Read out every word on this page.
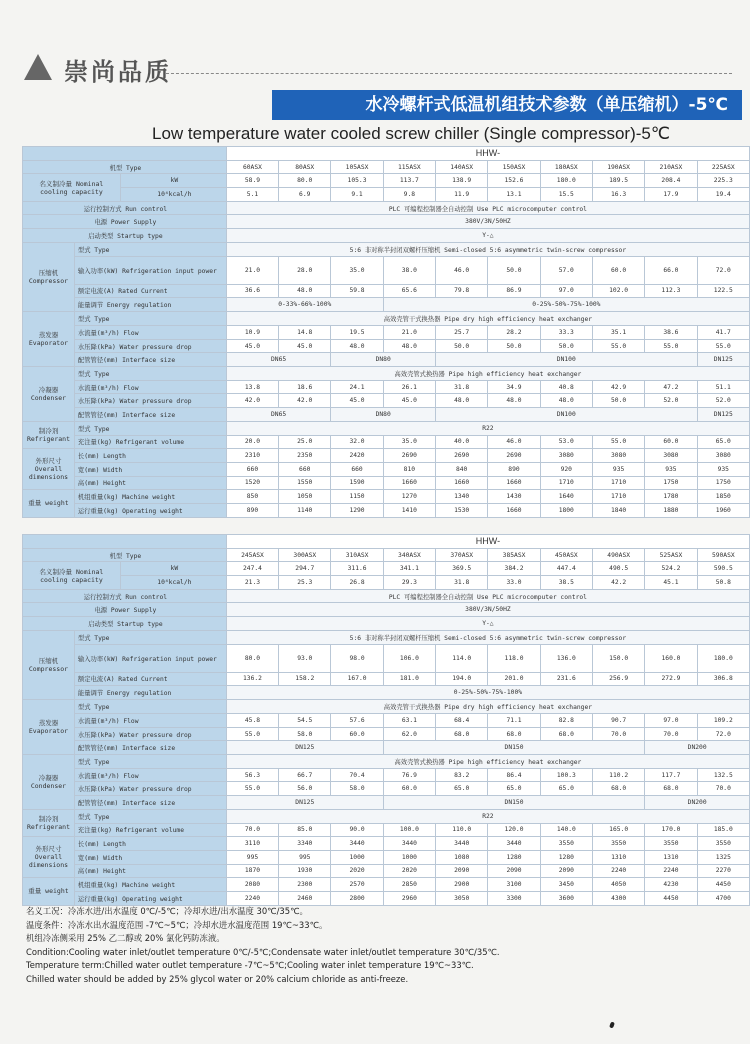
崇尚品质
水冷螺杆式低温机组技术参数（单压缩机）-5℃
Low temperature water cooled screw chiller (Single compressor)-5℃
			HHW-									
机型 Type			60ASX	80ASX	105ASX	115ASX	140ASX	150ASX	180ASX	190ASX	210ASX	225ASX
名义制冷量 Nominal cooling capacity		kW	58.9	80.0	105.3	113.7	138.9	152.6	180.0	189.5	208.4	225.3
		10⁴kcal/h	5.1	6.9	9.1	9.8	11.9	13.1	15.5	16.3	17.9	19.4
运行控制方式 Run control			PLC 可编程控制器全自动控制 Use PLC microcomputer control									
电源 Power Supply			380V/3N/50HZ									
启动类型 Startup type			Y-△									
压缩机 Compressor	型式 Type		5:6 非对称半封闭双螺杆压缩机 Semi-closed 5:6 asymmetric twin-screw compressor									
	输入功率(kW) Refrigeration input power		21.0	28.0	35.0	38.0	46.0	50.0	57.0	60.0	66.0	72.0
	额定电流(A) Rated Current		36.6	48.0	59.8	65.6	79.8	86.9	97.0	102.0	112.3	122.5
	能量调节 Energy regulation		0-33%-66%-100%			0-25%-50%-75%-100%						
蒸发器 Evaporator	型式 Type		高效壳管干式换热器 Pipe dry high efficiency heat exchanger									
	水流量(m³/h) Flow		10.9	14.8	19.5	21.0	25.7	28.2	33.3	35.1	38.6	41.7
	水压降(kPa) Water pressure drop		45.0	45.0	48.0	48.0	50.0	50.0	50.0	55.0	55.0	55.0
	配管管径(mm) Interface size		DN65		DN80		DN100					DN125
冷凝器 Condenser	型式 Type		高效壳管式换热器 Pipe high efficiency heat exchanger									
	水流量(m³/h) Flow		13.8	18.6	24.1	26.1	31.8	34.9	40.8	42.9	47.2	51.1
	水压降(kPa) Water pressure drop		42.0	42.0	45.0	45.0	48.0	48.0	48.0	50.0	52.0	52.0
	配管管径(mm) Interface size		DN65		DN80		DN100					DN125
制冷剂 Refrigerant	型式 Type		R22									
	充注量(kg) Refrigerant volume		20.0	25.0	32.0	35.0	40.0	46.0	53.0	55.0	60.0	65.0
外形尺寸 Overall dimensions	长(mm) Length		2310	2350	2420	2690	2690	2690	3080	3080	3080	3080
	宽(mm) Width		660	660	660	810	840	890	920	935	935	935
	高(mm) Height		1520	1550	1590	1660	1660	1660	1710	1710	1750	1750
重量 weight	机组重量(kg) Machine weight		850	1050	1150	1270	1340	1430	1640	1710	1780	1850
	运行重量(kg) Operating weight		890	1140	1290	1410	1530	1660	1800	1840	1880	1960
			HHW-									
机型 Type			245ASX	300ASX	310ASX	340ASX	370ASX	385ASX	450ASX	490ASX	525ASX	590ASX
名义制冷量 Nominal cooling capacity		kW	247.4	294.7	311.6	341.1	369.5	384.2	447.4	490.5	524.2	590.5
		10⁴kcal/h	21.3	25.3	26.8	29.3	31.8	33.0	38.5	42.2	45.1	50.8
运行控制方式 Run control			PLC 可编程控制器全自动控制 Use PLC microcomputer control									
电源 Power Supply			380V/3N/50HZ									
启动类型 Startup type			Y-△									
压缩机 Compressor	型式 Type		5:6 非对称半封闭双螺杆压缩机 Semi-closed 5:6 asymmetric twin-screw compressor									
	输入功率(kW) Refrigeration input power		80.0	93.0	98.0	106.0	114.0	118.0	136.0	150.0	160.0	180.0
	额定电流(A) Rated Current		136.2	158.2	167.0	181.0	194.0	201.0	231.6	256.9	272.9	306.8
	能量调节 Energy regulation		0-25%-50%-75%-100%									
蒸发器 Evaporator	型式 Type		高效壳管干式换热器 Pipe dry high efficiency heat exchanger									
	水流量(m³/h) Flow		45.8	54.5	57.6	63.1	68.4	71.1	82.8	90.7	97.0	109.2
	水压降(kPa) Water pressure drop		55.0	58.0	60.0	62.0	68.0	68.0	68.0	70.0	70.0	72.0
	配管管径(mm) Interface size		DN125			DN150					DN200	
冷凝器 Condenser	型式 Type		高效壳管式换热器 Pipe high efficiency heat exchanger									
	水流量(m³/h) Flow		56.3	66.7	70.4	76.9	83.2	86.4	100.3	110.2	117.7	132.5
	水压降(kPa) Water pressure drop		55.0	56.0	58.0	60.0	65.0	65.0	65.0	68.0	68.0	70.0
	配管管径(mm) Interface size		DN125			DN150					DN200	
制冷剂 Refrigerant	型式 Type		R22									
	充注量(kg) Refrigerant volume		70.0	85.0	90.0	100.0	110.0	120.0	140.0	165.0	170.0	185.0
外形尺寸 Overall dimensions	长(mm) Length		3110	3340	3440	3440	3440	3440	3550	3550	3550	3550
	宽(mm) Width		995	995	1000	1000	1080	1280	1280	1310	1310	1325
	高(mm) Height		1870	1930	2020	2020	2090	2090	2090	2240	2240	2270
重量 weight	机组重量(kg) Machine weight		2080	2300	2570	2850	2900	3100	3450	4050	4230	4450
	运行重量(kg) Operating weight		2240	2460	2800	2960	3050	3300	3600	4300	4450	4700
名义工况：冷冻水进/出水温度 0℃/-5℃；冷却水进/出水温度 30℃/35℃。
温度条件：冷冻水出水温度范围 -7℃~5℃；冷却水进水温度范围 19℃~33℃。
机组冷冻侧采用 25% 乙二醇或 20% 氯化钙防冻液。
Condition:Cooling water inlet/outlet temperature 0℃/-5℃;Condensate water inlet/outlet temperature 30℃/35℃.
Temperature term:Chilled water outlet temperature -7℃~5℃;Cooling water inlet temperature 19℃~33℃.
Chilled water should be added by 25% glycol water or 20% calcium chloride as anti-freeze.
